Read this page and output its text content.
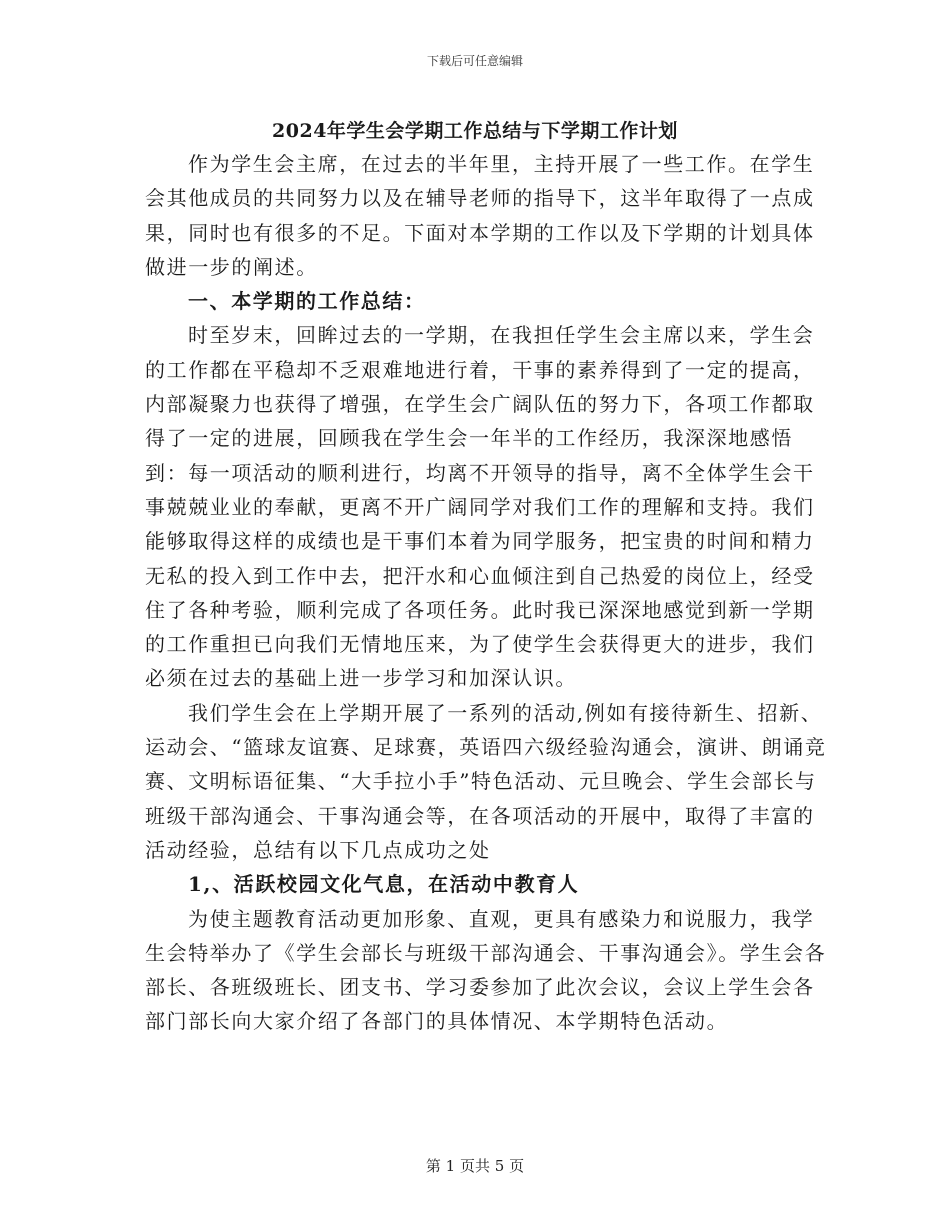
下载后可任意编辑
2024年学生会学期工作总结与下学期工作计划

作为学生会主席，在过去的半年里，主持开展了一些工作。在学生会其他成员的共同努力以及在辅导老师的指导下，这半年取得了一点成果，同时也有很多的不足。下面对本学期的工作以及下学期的计划具体做进一步的阐述。

一、本学期的工作总结：

时至岁末，回眸过去的一学期，在我担任学生会主席以来，学生会的工作都在平稳却不乏艰难地进行着，干事的素养得到了一定的提高，内部凝聚力也获得了增强，在学生会广阔队伍的努力下，各项工作都取得了一定的进展，回顾我在学生会一年半的工作经历，我深深地感悟到：每一项活动的顺利进行，均离不开领导的指导，离不全体学生会干事兢兢业业的奉献，更离不开广阔同学对我们工作的理解和支持。我们能够取得这样的成绩也是干事们本着为同学服务，把宝贵的时间和精力无私的投入到工作中去，把汗水和心血倾注到自己热爱的岗位上，经受住了各种考验，顺利完成了各项任务。此时我已深深地感觉到新一学期的工作重担已向我们无情地压来，为了使学生会获得更大的进步，我们必须在过去的基础上进一步学习和加深认识。

我们学生会在上学期开展了一系列的活动,例如有接待新生、招新、运动会、“篮球友谊赛、足球赛，英语四六级经验沟通会，演讲、朗诵竞赛、文明标语征集、“大手拉小手”特色活动、元旦晚会、学生会部长与班级干部沟通会、干事沟通会等，在各项活动的开展中，取得了丰富的活动经验，总结有以下几点成功之处

1,、活跃校园文化气息，在活动中教育人

为使主题教育活动更加形象、直观，更具有感染力和说服力，我学生会特举办了《学生会部长与班级干部沟通会、干事沟通会》。学生会各部长、各班级班长、团支书、学习委参加了此次会议，会议上学生会各部门部长向大家介绍了各部门的具体情况、本学期特色活动。

第 1 页共 5 页
